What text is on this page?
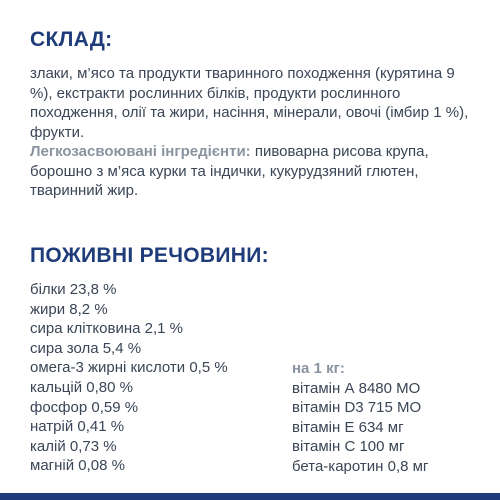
СКЛАД:

злаки, м’ясо та продукти тваринного походження (курятина 9 %), екстракти рослинних білків, продукти рослинного походження, олії та жири, насіння, мінерали, овочі (імбир 1 %), фрукти.

Легкозасвоювані інгредієнти: пивоварна рисова крупа, борошно з м’яса курки та індички, кукурудзяний глютен, тваринний жир.

ПОЖИВНІ РЕЧОВИНИ:
білки 23,8 %
жири 8,2 %
сира клітковина 2,1 %
сира зола 5,4 %
омега-3 жирні кислоти 0,5 %
кальцій 0,80 %
фосфор 0,59 %
натрій 0,41 %
калій 0,73 %
магній 0,08 %
на 1 кг:
вітамін А 8480 МО
вітамін D3 715 МО
вітамін Е 634 мг
вітамін С 100 мг
бета-каротин 0,8 мг
